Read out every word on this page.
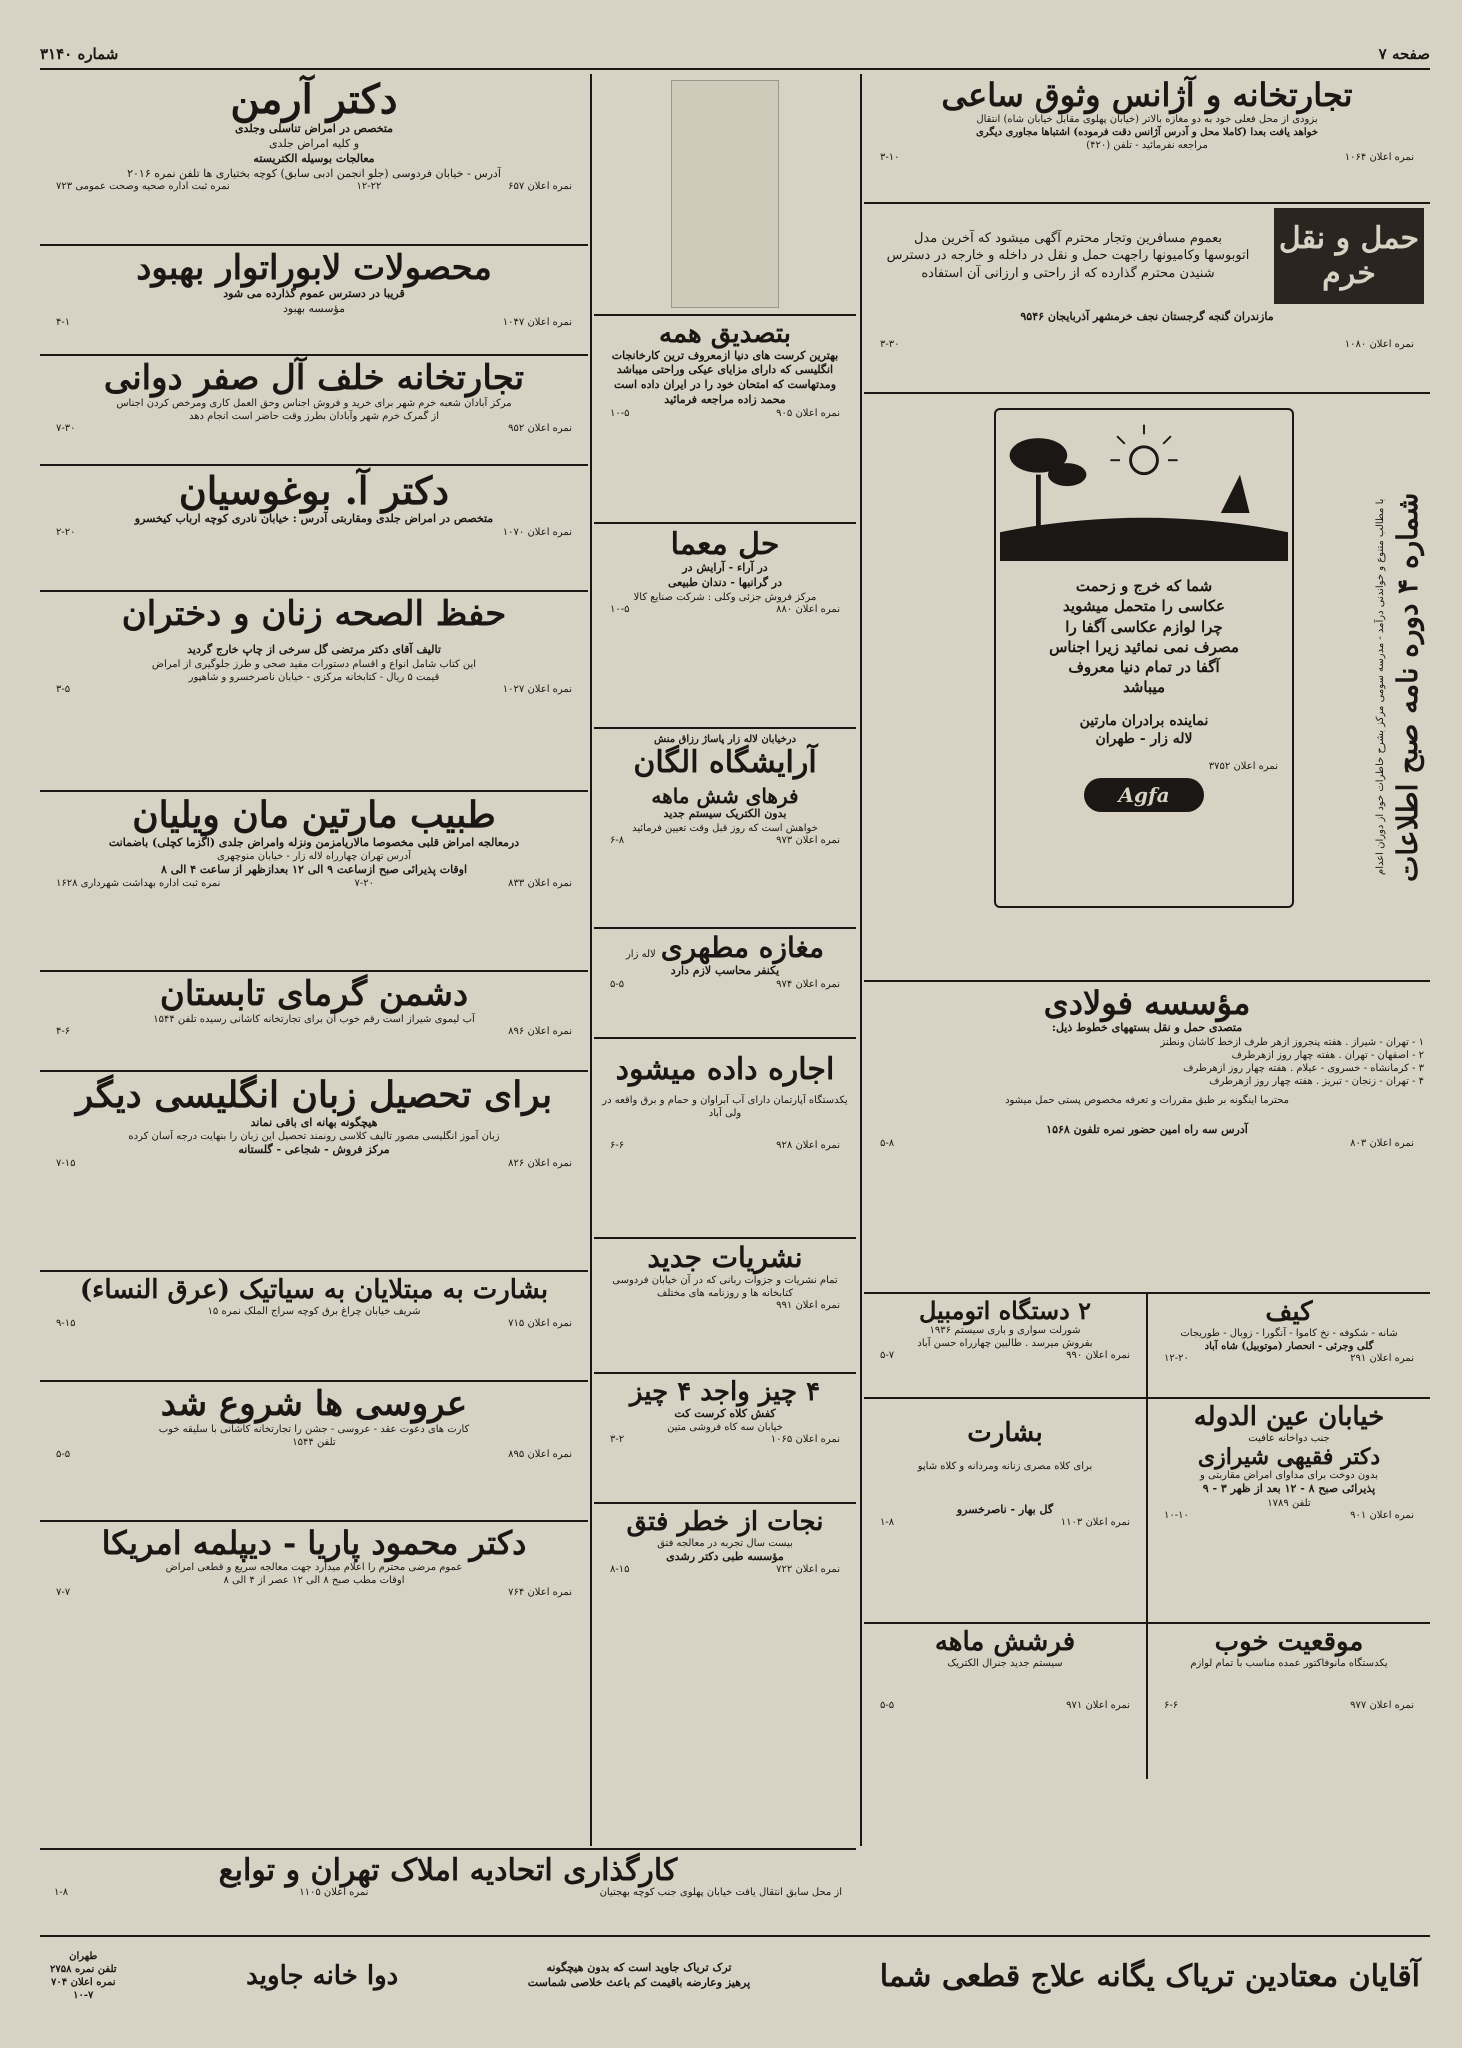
شماره ۳۱۴۰	صفحه ۷
دکتر آرمن
متخصص در امراض تناسلی وجلدی
و کلیه امراض جلدی
معالجات بوسیله الکتریسته
آدرس - خیابان فردوسی (جلو انجمن ادبی سابق) کوچه بختیاری ها تلفن نمره ۲۰۱۶
نمره اعلان ۶۵۷
۱۲-۲۲
نمره ثبت اداره صحیه وصحت عمومی ۷۲۳
محصولات لابوراتوار بهبود
قریبا در دسترس عموم گذارده می شود
مؤسسه بهبود
نمره اعلان ۱۰۴۷
۴-۱
تجارتخانه خلف آل صفر دوانی
مرکز آبادان شعبه خرم شهر برای خرید و فروش اجناس وحق العمل کاری ومرخص کردن اجناس
از گمرک خرم شهر وآبادان بطرز وقت حاضر است انجام دهد
نمره اعلان ۹۵۲
۷-۳۰
دکتر آ. بوغوسیان
متخصص در امراض جلدی ومقاربتی آدرس : خیابان نادری کوچه ارباب کیخسرو
نمره اعلان ۱۰۷۰
۲-۲۰
حفظ الصحه زنان و دختران
تالیف آقای دکتر مرتضی گل سرخی از چاپ خارج گردید
این کتاب شامل انواع و اقسام دستورات مفید صحی و طرز جلوگیری از امراض
قیمت ۵ ریال - کتابخانه مرکزی - خیابان ناصرخسرو و شاهپور
نمره اعلان ۱۰۲۷
۳-۵
طبیب مارتین مان ویلیان
درمعالجه امراض قلبی مخصوصا مالاریامزمن ونزله وامراض جلدی (اگزما کچلی) باضمانت
آدرس تهران چهارراه لاله زار - خیابان منوچهری
اوقات پذیرائی صبح ازساعت ۹ الی ۱۲ بعدازظهر از ساعت ۴ الی ۸
نمره اعلان ۸۳۳
۷-۲۰
نمره ثبت اداره بهداشت شهرداری ۱۶۲۸
دشمن گرمای تابستان
آب لیموی شیراز است رقم خوب آن برای تجارتخانه کاشانی رسیده تلفن ۱۵۴۴
نمره اعلان ۸۹۶
۴-۶
برای تحصیل زبان انگلیسی دیگر
هیچگونه بهانه ای باقی نماند
زبان آموز انگلیسی مصور تالیف کلاسی رونمند تحصیل این زبان را بنهایت درجه آسان کرده
مرکز فروش - شجاعی - گلستانه
نمره اعلان ۸۲۶
۷-۱۵
بشارت به مبتلایان به سیاتیک (عرق النساء)
شریف خیابان چراغ برق کوچه سراج الملک نمره ۱۵
نمره اعلان ۷۱۵
۹-۱۵
عروسی ها شروع شد
کارت های دعوت عقد - عروسی - جشن را تجارتخانه کاشانی با سلیقه خوب
تلفن ۱۵۴۴
نمره اعلان ۸۹۵
۵-۵
دکتر محمود پاریا - دیپلمه امریکا
عموم مرضی محترم را اعلام میدارد جهت معالجه سریع و قطعی امراض
اوقات مطب صبح ۸ الی ۱۲ عصر از ۴ الی ۸
نمره اعلان ۷۶۴
۷-۷
بتصدیق همه
بهترین کرست های دنیا ازمعروف ترین کارخانجات انگلیسی که دارای مزایای عیکی وراحتی میباشد ومدتهاست که امتحان خود را در ایران داده است
محمد زاده مراجعه فرمائید
نمره اعلان ۹۰۵
۱۰-۵
حل معما
در آراء - آرایش در
در گرانبها - دندان طبیعی
مرکز فروش جزئی وکلی : شرکت صنایع کالا
نمره اعلان ۸۸۰
۱۰-۵
درخیابان لاله زار پاساژ رزاق منش
آرایشگاه الگان
فرهای شش ماهه
بدون الکتریک سیستم جدید
خواهش است که روز قبل وقت تعیین فرمائید
نمره اعلان ۹۷۳
۶-۸
مغازه مطهری لاله زار
یکنفر محاسب لازم دارد
نمره اعلان ۹۷۴
۵-۵
اجاره داده میشود
یکدستگاه آپارتمان دارای آب آبراوان و حمام و برق واقعه در ولی آباد
نمره اعلان ۹۲۸
۶-۶
نشریات جدید
تمام نشریات و جزوات ربانی که در آن خیابان فردوسی کتابخانه ها و روزنامه های مختلف
نمره اعلان ۹۹۱
۴ چیز واجد ۴ چیز
کفش کلاه کرست کت
خیابان سه کاه فروشی متین
نمره اعلان ۱۰۶۵
۳-۲
نجات از خطر فتق
بیست سال تجربه در معالجه فتق
مؤسسه طبی دکتر رشدی
نمره اعلان ۷۲۲
۸-۱۵
تجارتخانه و آژانس وثوق ساعی
بزودی از محل فعلی خود به دو مغازه بالاتر (خیابان پهلوی مقابل خیابان شاه) انتقال
خواهد یافت بعدا (کاملا محل و آدرس آژانس دقت فرموده) اشتباها مجاوری دیگری
مراجعه نفرمائید - تلفن (۴۲۰)
نمره اعلان ۱۰۶۴
۳-۱۰
حمل و نقل خرم
بعموم مسافرین وتجار محترم آگهی میشود که آخرین مدل
اتوبوسها وکامیونها راجهت حمل و نقل در داخله و خارجه در دسترس
شنیدن محترم گذارده که از راحتی و ارزانی آن استفاده
مازندران گنجه گرجستان نجف خرمشهر آذربایجان ۹۵۴۶
نمره اعلان ۱۰۸۰
۳-۳۰
شماره ۴ دوره نامه صبح اطلاعات
با مطالب متنوع و خواندنی درآمد - مدرسه سومی مرکز بشرح خاطرات خود از دوران اعدام
شما که خرج و زحمت
عکاسی را متحمل میشوید
چرا لوازم عکاسی آگفا را
مصرف نمی نمائید زیرا اجناس
آگفا در تمام دنیا معروف
میباشد
نماینده برادران مارتین
لاله زار - طهران
نمره اعلان ۳۷۵۲
Agfa
مؤسسه فولادی
متصدی حمل و نقل بستههای خطوط ذیل:
۱ - تهران - شیراز . هفته پنجروز ازهر طرف ازخط کاشان ونطنز
۲ - اصفهان - تهران . هفته چهار روز ازهرطرف
۳ - کرمانشاه - خسروی - عیلام . هفته چهار روز ازهرطرف
۴ - تهران - زنجان - تبریز . هفته چهار روز ازهرطرف
محترما اینگونه بر طبق مقررات و تعرفه مخصوص پستی حمل میشود
آدرس سه راه امین حضور نمره تلفون ۱۵۶۸
نمره اعلان ۸۰۳
۵-۸
کیف
شانه - شکوفه - نخ کاموا - آنگورا - زوبال - طوریجات
گلی وجرئی - انحصار (موتوبیل) شاه آباد
نمره اعلان ۲۹۱
۱۲-۲۰
۲ دستگاه اتومبیل
شورلت سواری و باری سیستم ۱۹۳۶
بفروش میرسد . طالبین چهارراه حسن آباد
نمره اعلان ۹۹۰
۵-۷
خیابان عین الدوله
جنب دواخانه عافیت
دکتر فقیهی شیرازی
بدون دوخت برای مداوای امراض مقاربتی و
پذیرائی صبح ۸ - ۱۲ بعد از ظهر ۳ - ۹
تلفن ۱۷۸۹
نمره اعلان ۹۰۱
۱۰-۱۰
بشارت
برای کلاه مصری زنانه ومردانه و کلاه شاپو
گل بهار - ناصرخسرو
نمره اعلان ۱۱۰۳
۱-۸
موقعیت خوب
یکدستگاه مانوفاکتور عمده مناسب با تمام لوازم
نمره اعلان ۹۷۷
۶-۶
فرشش ماهه
سیستم جدید جنرال الکتریک
نمره اعلان ۹۷۱
۵-۵
کارگذاری اتحادیه املاک تهران و توابع
از محل سابق انتقال یافت خیابان پهلوی جنب کوچه بهجتیان
نمره اعلان ۱۱۰۵
۱-۸
آقایان معتادین تریاک یگانه علاج قطعی شما
ترک تریاک جاوید است که بدون هیچگونه
پرهیز وعارضه باقیمت کم باعث خلاصی شماست
دوا خانه جاوید
طهران
تلفن نمره ۲۷۵۸
نمره اعلان ۷۰۴
۱۰-۷
